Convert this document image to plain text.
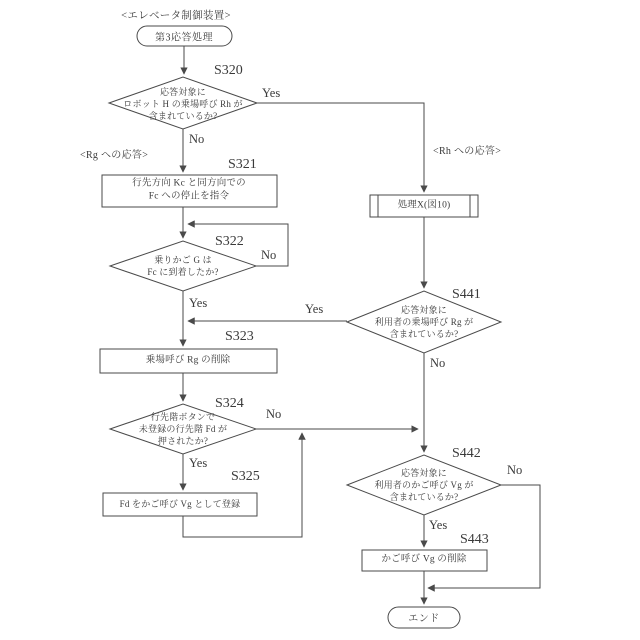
<エレベータ制御装置>
<Rg への応答>	<Rh への応答>
第3応答処理
エンド
応答対象に
ロボット H の乗場呼び Rh が
含まれているか?
S320
行先方向 Kc と同方向での
Fc への停止を指令
S321
乗りかご G は
Fc に到着したか?
S322
乗場呼び Rg の削除
S323
行先階ボタンで
未登録の行先階 Fd が
押されたか?
S324
Fd をかご呼び Vg として登録
S325
処理X(図10)
応答対象に
利用者の乗場呼び Rg が
含まれているか?
S441
応答対象に
利用者のかご呼び Vg が
含まれているか?
S442
かご呼び Vg の削除
S443
Yes
No
No
Yes	Yes
No
No
Yes	No
Yes
